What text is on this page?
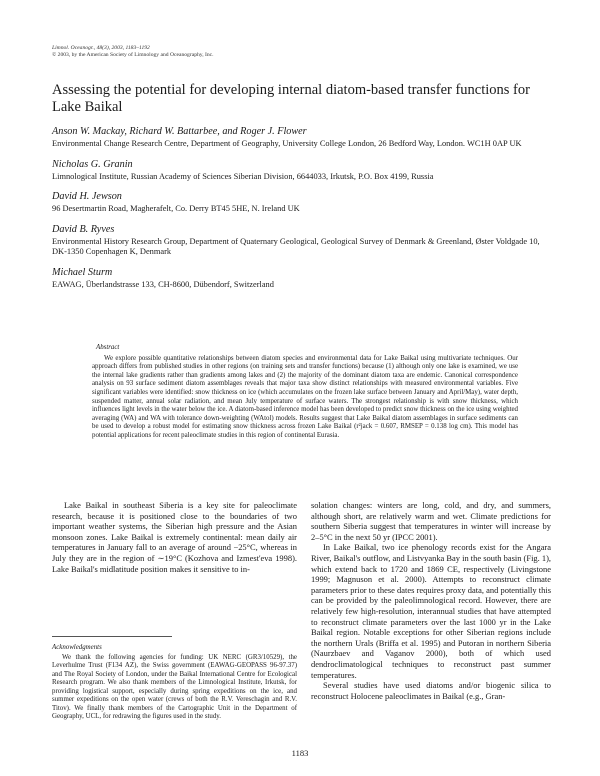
Limnol. Oceanogr., 48(3), 2003, 1183–1192
© 2003, by the American Society of Limnology and Oceanography, Inc.
Assessing the potential for developing internal diatom-based transfer functions for Lake Baikal
Anson W. Mackay, Richard W. Battarbee, and Roger J. Flower
Environmental Change Research Centre, Department of Geography, University College London, 26 Bedford Way, London. WC1H 0AP UK
Nicholas G. Granin
Limnological Institute, Russian Academy of Sciences Siberian Division, 6644033, Irkutsk, P.O. Box 4199, Russia
David H. Jewson
96 Desertmartin Road, Magherafelt, Co. Derry BT45 5HE, N. Ireland UK
David B. Ryves
Environmental History Research Group, Department of Quaternary Geological, Geological Survey of Denmark & Greenland, Øster Voldgade 10, DK-1350 Copenhagen K, Denmark
Michael Sturm
EAWAG, Überlandstrasse 133, CH-8600, Dübendorf, Switzerland
Abstract
We explore possible quantitative relationships between diatom species and environmental data for Lake Baikal using multivariate techniques. Our approach differs from published studies in other regions (on training sets and transfer functions) because (1) although only one lake is examined, we use the internal lake gradients rather than gradients among lakes and (2) the majority of the dominant diatom taxa are endemic. Canonical correspondence analysis on 93 surface sediment diatom assemblages reveals that major taxa show distinct relationships with measured environmental variables. Five significant variables were identified: snow thickness on ice (which accumulates on the frozen lake surface between January and April/May), water depth, suspended matter, annual solar radiation, and mean July temperature of surface waters. The strongest relationship is with snow thickness, which influences light levels in the water below the ice. A diatom-based inference model has been developed to predict snow thickness on the ice using weighted averaging (WA) and WA with tolerance down-weighting (WAtol) models. Results suggest that Lake Baikal diatom assemblages in surface sediments can be used to develop a robust model for estimating snow thickness across frozen Lake Baikal (r²jack = 0.607, RMSEP = 0.138 log cm). This model has potential applications for recent paleoclimate studies in this region of continental Eurasia.

Lake Baikal in southeast Siberia is a key site for paleoclimate research, because it is positioned close to the boundaries of two important weather systems, the Siberian high pressure and the Asian monsoon zones. Lake Baikal is extremely continental: mean daily air temperatures in January fall to an average of around −25°C, whereas in July they are in the region of ∼19°C (Kozhova and Izmest'eva 1998). Lake Baikal's midlatitude position makes it sensitive to in-

solation changes: winters are long, cold, and dry, and summers, although short, are relatively warm and wet. Climate predictions for southern Siberia suggest that temperatures in winter will increase by 2–5°C in the next 50 yr (IPCC 2001).

In Lake Baikal, two ice phenology records exist for the Angara River, Baikal's outflow, and Listvyanka Bay in the south basin (Fig. 1), which extend back to 1720 and 1869 CE, respectively (Livingstone 1999; Magnuson et al. 2000). Attempts to reconstruct climate parameters prior to these dates requires proxy data, and potentially this can be provided by the paleolimnological record. However, there are relatively few high-resolution, interannual studies that have attempted to reconstruct climate parameters over the last 1000 yr in the Lake Baikal region. Notable exceptions for other Siberian regions include the northern Urals (Briffa et al. 1995) and Putoran in northern Siberia (Naurzbaev and Vaganov 2000), both of which used dendroclimatological techniques to reconstruct past summer temperatures.

Several studies have used diatoms and/or biogenic silica to reconstruct Holocene paleoclimates in Baikal (e.g., Gran-

Acknowledgments
We thank the following agencies for funding: UK NERC (GR3/10529), the Leverhulme Trust (F134 AZ), the Swiss government (EAWAG-GEOPASS 96-97.37) and The Royal Society of London, under the Baikal International Centre for Ecological Research program. We also thank members of the Limnological Institute, Irkutsk, for providing logistical support, especially during spring expeditions on the ice, and summer expeditions on the open water (crews of both the R.V. Vereschagin and R.V. Titov). We finally thank members of the Cartographic Unit in the Department of Geography, UCL, for redrawing the figures used in the study.
1183
